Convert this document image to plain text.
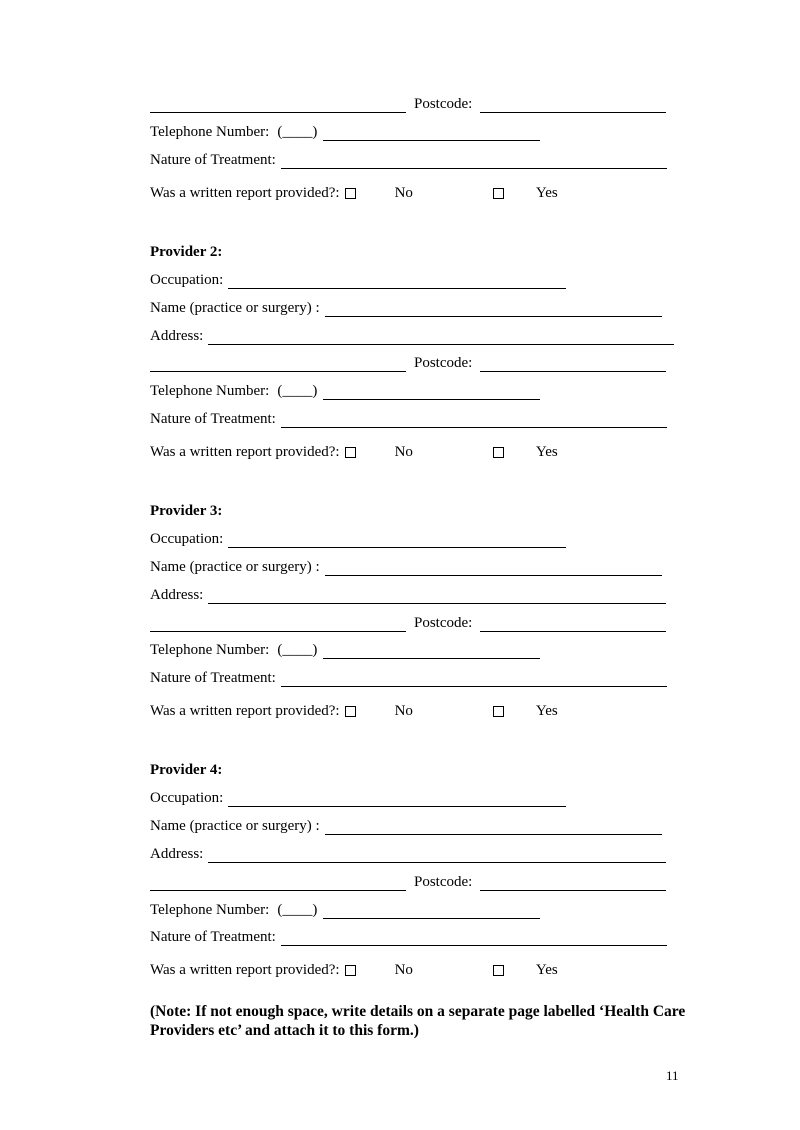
Postcode:
Telephone Number: (____)
Nature of Treatment:
Was a written report provided?:	No	Yes
Provider 2:
Occupation:
Name (practice or surgery) :
Address:
Postcode:
Telephone Number: (____)
Nature of Treatment:
Was a written report provided?:	No	Yes
Provider 3:
Occupation:
Name (practice or surgery) :
Address:
Postcode:
Telephone Number: (____)
Nature of Treatment:
Was a written report provided?:	No	Yes
Provider 4:
Occupation:
Name (practice or surgery) :
Address:
Postcode:
Telephone Number: (____)
Nature of Treatment:
Was a written report provided?:	No	Yes
(Note: If not enough space, write details on a separate page labelled ‘Health Care Providers etc’ and attach it to this form.)
11
